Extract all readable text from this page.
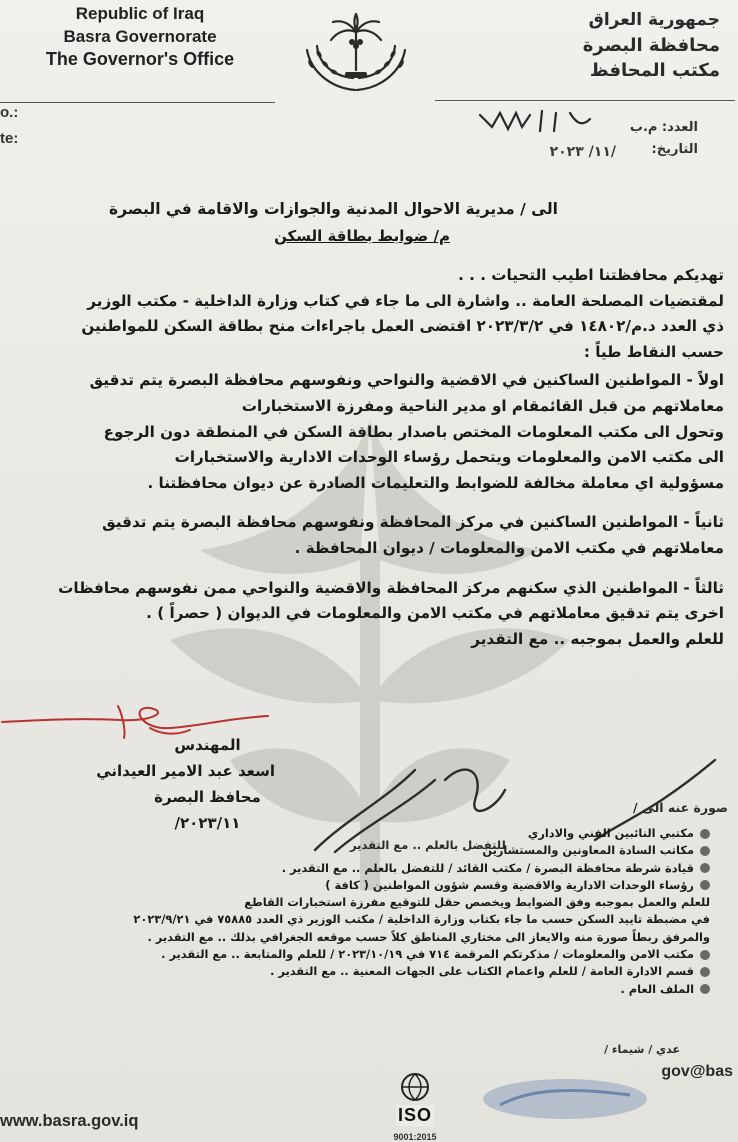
Republic of Iraq
Basra Governorate
The Governor's Office
جمهورية العراق
محافظة البصرة
مكتب المحافظ
o.:
te:
العدد: م.ب
التاريخ:
/١١/ ٢٠٢٣
الى / مديرية الاحوال المدنية والجوازات والاقامة في البصرة
م/ ضوابط بطاقة السكن

تهديكم محافظتنا اطيب التحيات . . .

لمقتضيات المصلحة العامة .. واشارة الى ما جاء في كتاب وزارة الداخلية - مكتب الوزير

ذي العدد د.م/١٤٨٠٢ في ٢٠٢٣/٣/٢ اقتضى العمل باجراءات منح بطاقة السكن للمواطنين

حسب النقاط طياً :

اولاً - المواطنين الساكنين في الاقضية والنواحي ونفوسهم محافظة البصرة يتم تدقيق

معاملاتهم من قبل القائمقام او مدير الناحية ومفرزة الاستخبارات

وتحول الى مكتب المعلومات المختص باصدار بطاقة السكن في المنطقة دون الرجوع

الى مكتب الامن والمعلومات ويتحمل رؤساء الوحدات الادارية والاستخبارات

مسؤولية اي معاملة مخالفة للضوابط والتعليمات الصادرة عن ديوان محافظتنا .

ثانياً - المواطنين الساكنين في مركز المحافظة ونفوسهم محافظة البصرة يتم تدقيق

معاملاتهم في مكتب الامن والمعلومات / ديوان المحافظة .

ثالثاً - المواطنين الذي سكنهم مركز المحافظة والاقضية والنواحي ممن نفوسهم محافظات

اخرى يتم تدقيق معاملاتهم في مكتب الامن والمعلومات في الديوان ( حصراً ) .

للعلم والعمل بموجبه .. مع التقدير

المهندس
اسعد عبد الامير العيداني
محافظ البصرة
٢٠٢٣/١١/
صورة عنه الى /
للتفضل بالعلم .. مع التقدير
مكتبي النائبين الفني والاداري
مكاتب السادة المعاونين والمستشارين
قيادة شرطة محافظة البصرة / مكتب القائد / للتفضل بالعلم .. مع التقدير .
رؤساء الوحدات الادارية والاقضية وقسم شؤون المواطنين ( كافة )
للعلم والعمل بموجبه وفق الضوابط ويخصص حقل للتوقيع مفرزة استخبارات القاطع
في مضبطة تاييد السكن حسب ما جاء بكتاب وزارة الداخلية / مكتب الوزير ذي العدد ٧٥٨٨٥ في ٢٠٢٣/٩/٢١
والمرفق ربطاً صورة منه والايعاز الى مختاري المناطق كلاً حسب موقعه الجغرافي بذلك .. مع التقدير .
مكتب الامن والمعلومات / مذكرتكم المرقمة ٧١٤ في ٢٠٢٣/١٠/١٩ / للعلم والمتابعة .. مع التقدير .
قسم الادارة العامة / للعلم واعمام الكتاب على الجهات المعنية .. مع التقدير .
الملف العام .
عدي / شيماء /
ISO
9001:2015
www.basra.gov.iq
gov@bas
